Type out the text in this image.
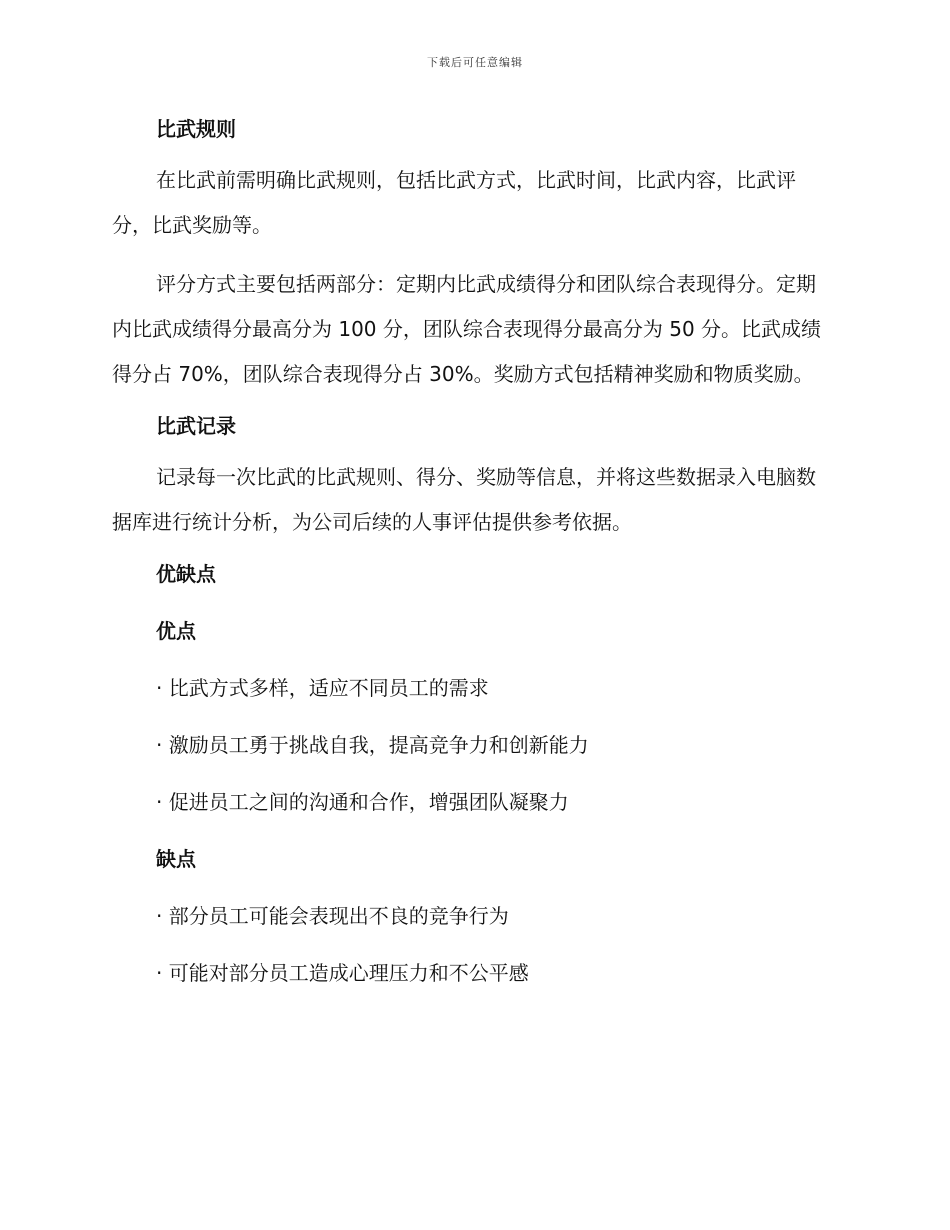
下载后可任意编辑
比武规则

在比武前需明确比武规则，包括比武方式，比武时间，比武内容，比武评分，比武奖励等。

评分方式主要包括两部分：定期内比武成绩得分和团队综合表现得分。定期内比武成绩得分最高分为 100 分，团队综合表现得分最高分为 50 分。比武成绩得分占 70%，团队综合表现得分占 30%。奖励方式包括精神奖励和物质奖励。

比武记录

记录每一次比武的比武规则、得分、奖励等信息，并将这些数据录入电脑数据库进行统计分析，为公司后续的人事评估提供参考依据。

优缺点
优点
· 比武方式多样，适应不同员工的需求
· 激励员工勇于挑战自我，提高竞争力和创新能力
· 促进员工之间的沟通和合作，增强团队凝聚力
缺点
· 部分员工可能会表现出不良的竞争行为
· 可能对部分员工造成心理压力和不公平感
